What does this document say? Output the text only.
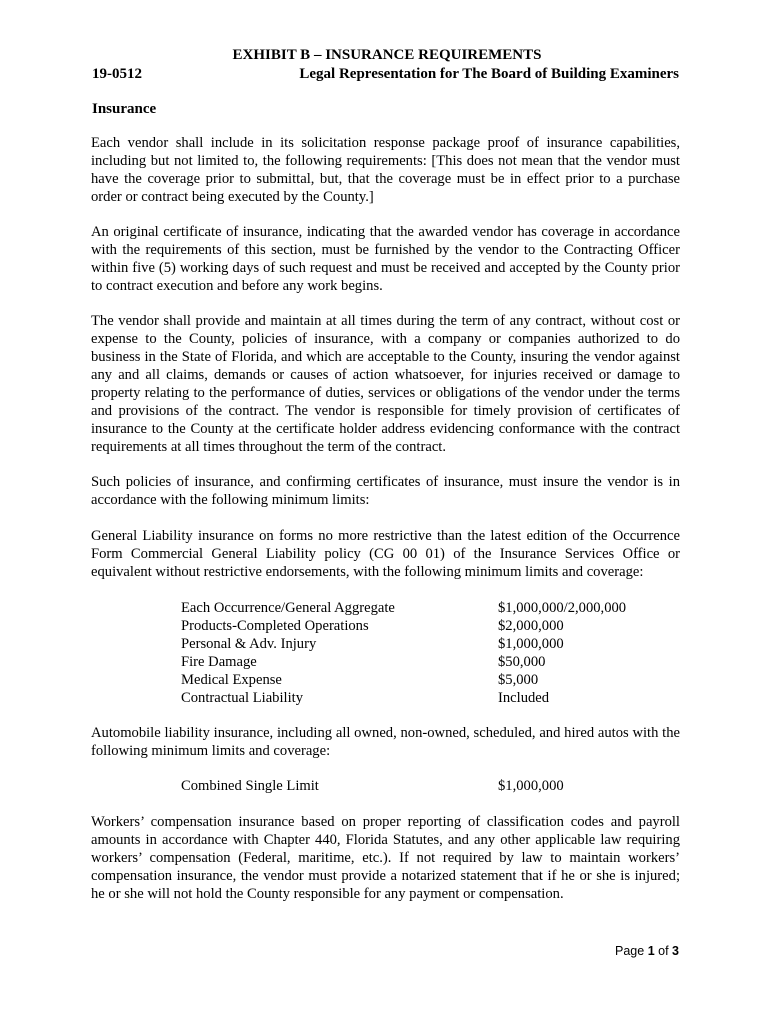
EXHIBIT B – INSURANCE REQUIREMENTS
19-0512	Legal Representation for The Board of Building Examiners
Insurance

Each vendor shall include in its solicitation response package proof of insurance capabilities, including but not limited to, the following requirements: [This does not mean that the vendor must have the coverage prior to submittal, but, that the coverage must be in effect prior to a purchase order or contract being executed by the County.]

An original certificate of insurance, indicating that the awarded vendor has coverage in accordance with the requirements of this section, must be furnished by the vendor to the Contracting Officer within five (5) working days of such request and must be received and accepted by the County prior to contract execution and before any work begins.

The vendor shall provide and maintain at all times during the term of any contract, without cost or expense to the County, policies of insurance, with a company or companies authorized to do business in the State of Florida, and which are acceptable to the County, insuring the vendor against any and all claims, demands or causes of action whatsoever, for injuries received or damage to property relating to the performance of duties, services or obligations of the vendor under the terms and provisions of the contract. The vendor is responsible for timely provision of certificates of insurance to the County at the certificate holder address evidencing conformance with the contract requirements at all times throughout the term of the contract.

Such policies of insurance, and confirming certificates of insurance, must insure the vendor is in accordance with the following minimum limits:

General Liability insurance on forms no more restrictive than the latest edition of the Occurrence Form Commercial General Liability policy (CG 00 01) of the Insurance Services Office or equivalent without restrictive endorsements, with the following minimum limits and coverage:

Each Occurrence/General Aggregate	$1,000,000/2,000,000
Products-Completed Operations	$2,000,000
Personal & Adv. Injury	$1,000,000
Fire Damage	$50,000
Medical Expense	$5,000
Contractual Liability	Included

Automobile liability insurance, including all owned, non-owned, scheduled, and hired autos with the following minimum limits and coverage:

Combined Single Limit	$1,000,000

Workers’ compensation insurance based on proper reporting of classification codes and payroll amounts in accordance with Chapter 440, Florida Statutes, and any other applicable law requiring workers’ compensation (Federal, maritime, etc.). If not required by law to maintain workers’ compensation insurance, the vendor must provide a notarized statement that if he or she is injured; he or she will not hold the County responsible for any payment or compensation.

Page 1 of 3
